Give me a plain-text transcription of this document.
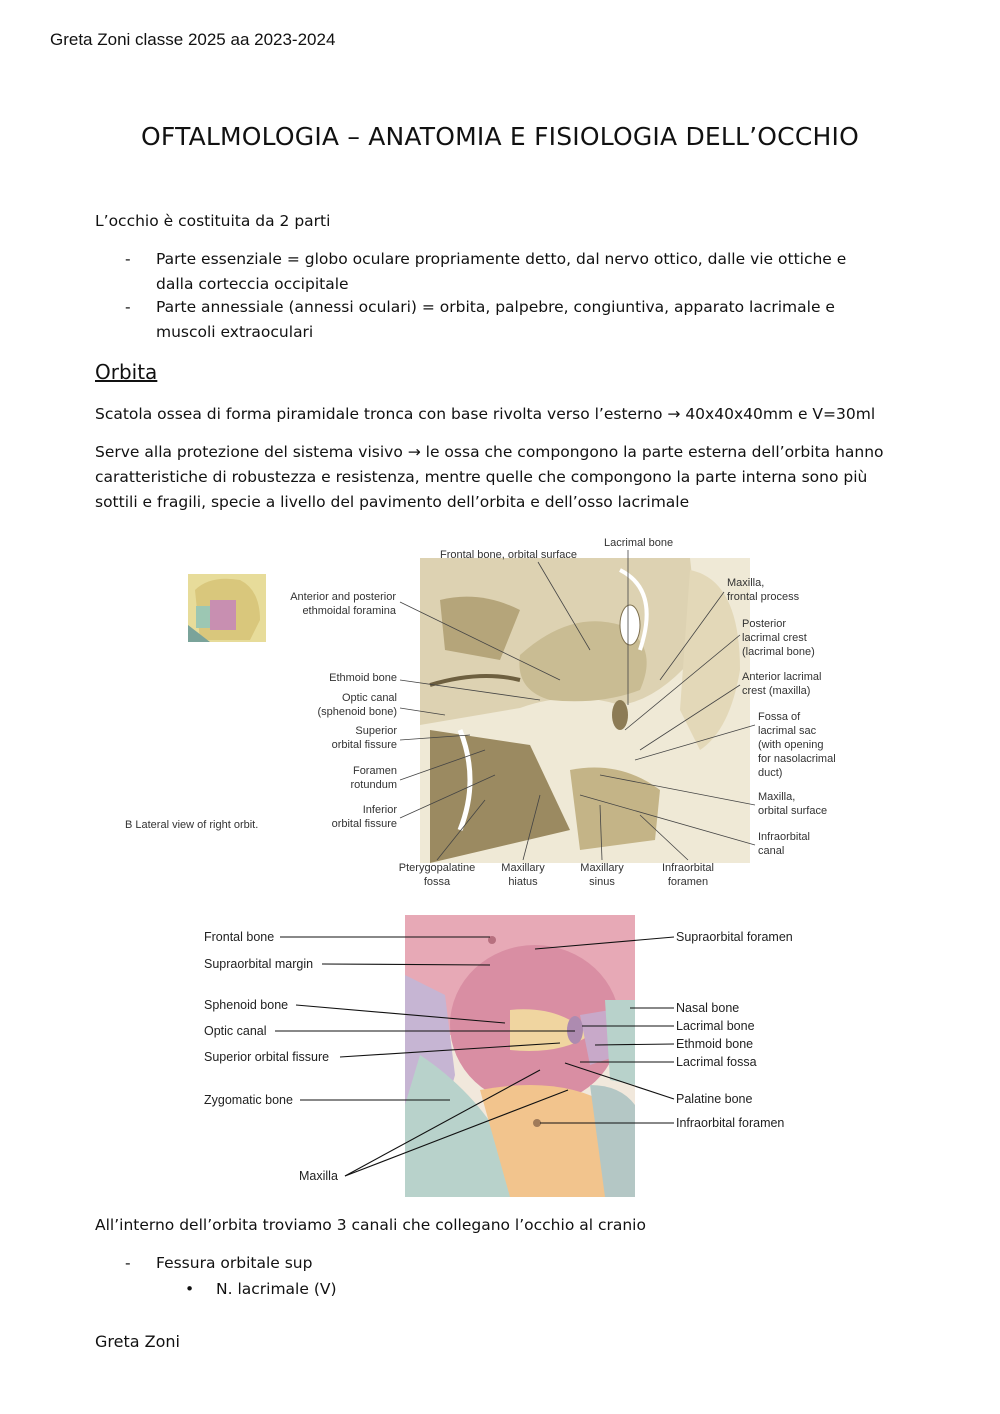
Greta Zoni classe 2025 aa 2023-2024
OFTALMOLOGIA – ANATOMIA E FISIOLOGIA DELL’OCCHIO
L’occhio è costituita da 2 parti
- Parte essenziale = globo oculare propriamente detto, dal nervo ottico, dalle vie ottiche e dalla corteccia occipitale
- Parte annessiale (annessi oculari) = orbita, palpebre, congiuntiva, apparato lacrimale e muscoli extraoculari
Orbita
Scatola ossea di forma piramidale tronca con base rivolta verso l’esterno → 40x40x40mm e V=30ml
Serve alla protezione del sistema visivo → le ossa che compongono la parte esterna dell’orbita hanno caratteristiche di robustezza e resistenza, mentre quelle che compongono la parte interna sono più sottili e fragili, specie a livello del pavimento dell’orbita e dell’osso lacrimale
B Lateral view of right orbit.
Frontal bone, orbital surface
Lacrimal bone
Anterior and posterior
ethmoidal foramina
Ethmoid bone
Optic canal
(sphenoid bone)
Superior
orbital fissure
Foramen
rotundum
Inferior
orbital fissure
Maxilla,
frontal process
Posterior
lacrimal crest
(lacrimal bone)
Anterior lacrimal
crest (maxilla)
Fossa of
lacrimal sac
(with opening
for nasolacrimal
duct)
Maxilla,
orbital surface
Infraorbital
canal
Pterygopalatine
fossa
Maxillary
hiatus
Maxillary
sinus
Infraorbital
foramen
Frontal bone
Supraorbital margin
Sphenoid bone
Optic canal
Superior orbital fissure
Zygomatic bone
Maxilla
Supraorbital foramen
Nasal bone
Lacrimal bone
Ethmoid bone
Lacrimal fossa
Palatine bone
Infraorbital foramen
All’interno dell’orbita troviamo 3 canali che collegano l’occhio al cranio
- Fessura orbitale sup
• N. lacrimale (V)
Greta Zoni
